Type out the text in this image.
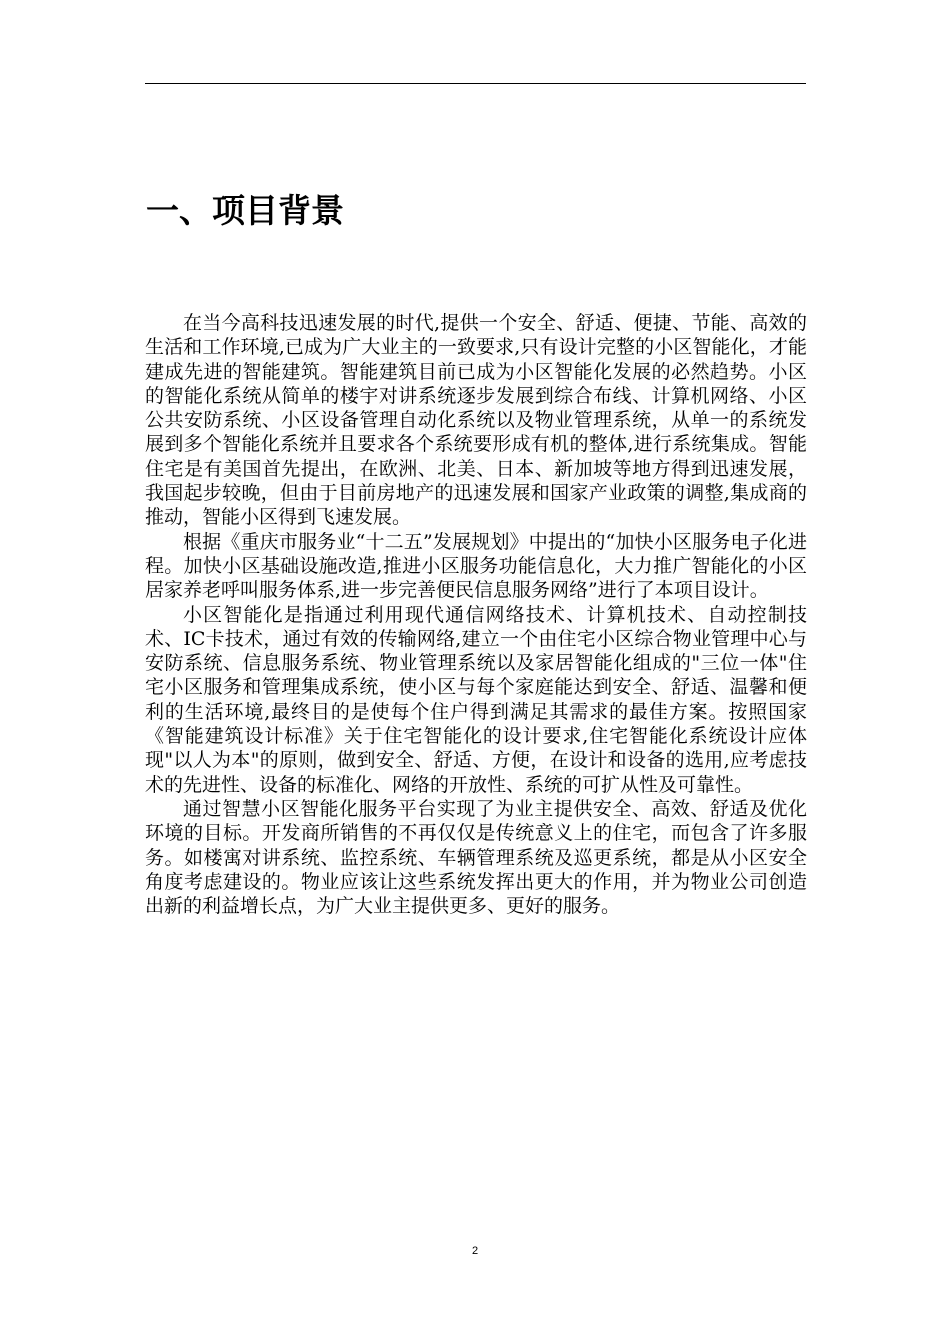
一、项目背景

在当今高科技迅速发展的时代,提供一个安全、舒适、便捷、节能、高效的生活和工作环境,已成为广大业主的一致要求,只有设计完整的小区智能化，才能建成先进的智能建筑。智能建筑目前已成为小区智能化发展的必然趋势。小区的智能化系统从简单的楼宇对讲系统逐步发展到综合布线、计算机网络、小区公共安防系统、小区设备管理自动化系统以及物业管理系统，从单一的系统发展到多个智能化系统并且要求各个系统要形成有机的整体,进行系统集成。智能住宅是有美国首先提出，在欧洲、北美、日本、新加坡等地方得到迅速发展，我国起步较晚，但由于目前房地产的迅速发展和国家产业政策的调整,集成商的推动，智能小区得到飞速发展。

根据《重庆市服务业“十二五”发展规划》中提出的“加快小区服务电子化进程。加快小区基础设施改造,推进小区服务功能信息化，大力推广智能化的小区居家养老呼叫服务体系,进一步完善便民信息服务网络”进行了本项目设计。

小区智能化是指通过利用现代通信网络技术、计算机技术、自动控制技术、IC卡技术，通过有效的传输网络,建立一个由住宅小区综合物业管理中心与安防系统、信息服务系统、物业管理系统以及家居智能化组成的"三位一体"住宅小区服务和管理集成系统，使小区与每个家庭能达到安全、舒适、温馨和便利的生活环境,最终目的是使每个住户得到满足其需求的最佳方案。按照国家《智能建筑设计标准》关于住宅智能化的设计要求,住宅智能化系统设计应体现"以人为本"的原则，做到安全、舒适、方便，在设计和设备的选用,应考虑技术的先进性、设备的标准化、网络的开放性、系统的可扩从性及可靠性。

通过智慧小区智能化服务平台实现了为业主提供安全、高效、舒适及优化环境的目标。开发商所销售的不再仅仅是传统意义上的住宅，而包含了许多服务。如楼寓对讲系统、监控系统、车辆管理系统及巡更系统，都是从小区安全角度考虑建设的。物业应该让这些系统发挥出更大的作用，并为物业公司创造出新的利益增长点，为广大业主提供更多、更好的服务。

2
